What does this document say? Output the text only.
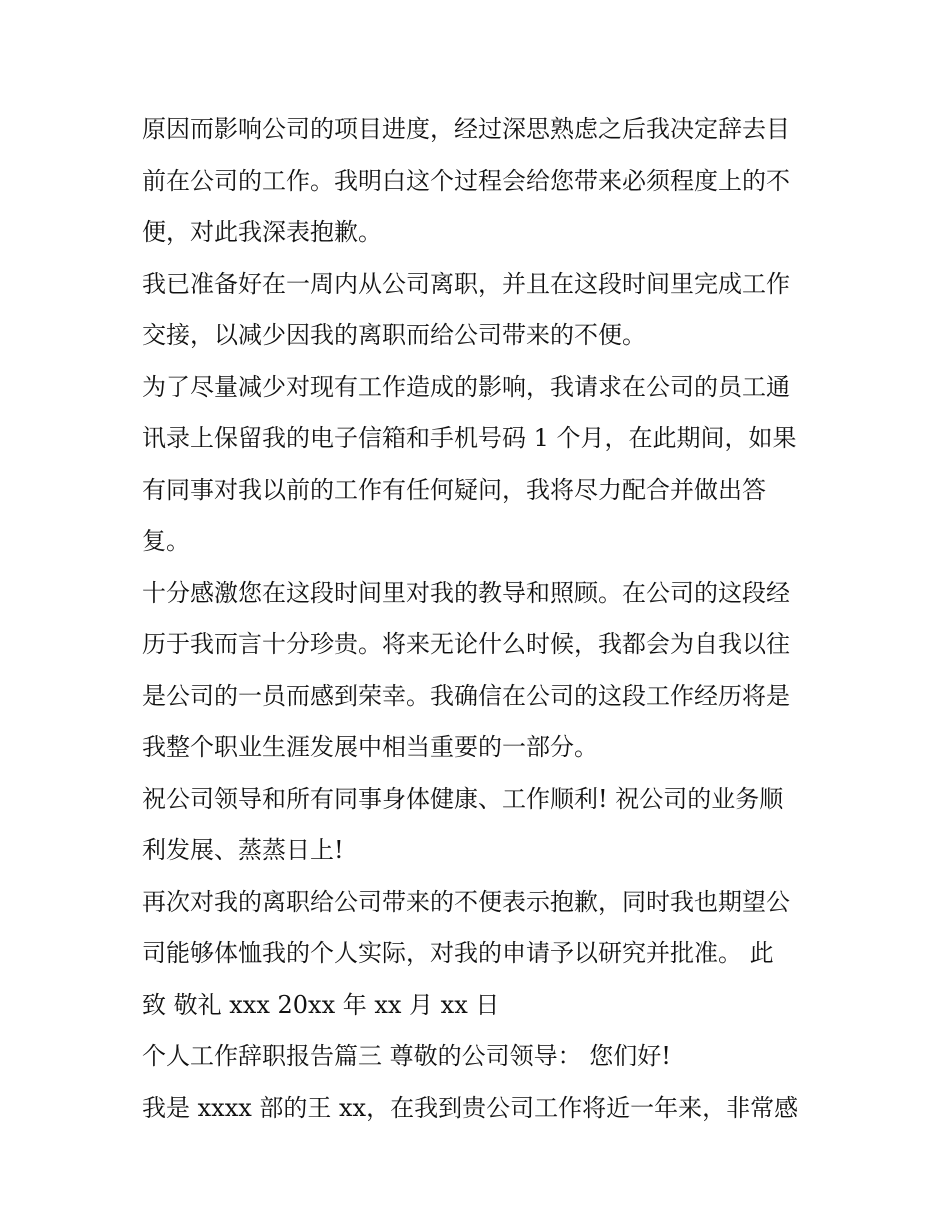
原因而影响公司的项目进度，经过深思熟虑之后我决定辞去目
前在公司的工作。我明白这个过程会给您带来必须程度上的不
便，对此我深表抱歉。
我已准备好在一周内从公司离职，并且在这段时间里完成工作
交接，以减少因我的离职而给公司带来的不便。
为了尽量减少对现有工作造成的影响，我请求在公司的员工通
讯录上保留我的电子信箱和手机号码 1 个月，在此期间，如果
有同事对我以前的工作有任何疑问，我将尽力配合并做出答
复。
十分感激您在这段时间里对我的教导和照顾。在公司的这段经
历于我而言十分珍贵。将来无论什么时候，我都会为自我以往
是公司的一员而感到荣幸。我确信在公司的这段工作经历将是
我整个职业生涯发展中相当重要的一部分。
祝公司领导和所有同事身体健康、工作顺利! 祝公司的业务顺
利发展、蒸蒸日上!
再次对我的离职给公司带来的不便表示抱歉，同时我也期望公
司能够体恤我的个人实际，对我的申请予以研究并批准。 此
致 敬礼 xxx 20xx 年 xx 月 xx 日
个人工作辞职报告篇三 尊敬的公司领导： 您们好!
我是 xxxx 部的王 xx，在我到贵公司工作将近一年来，非常感
